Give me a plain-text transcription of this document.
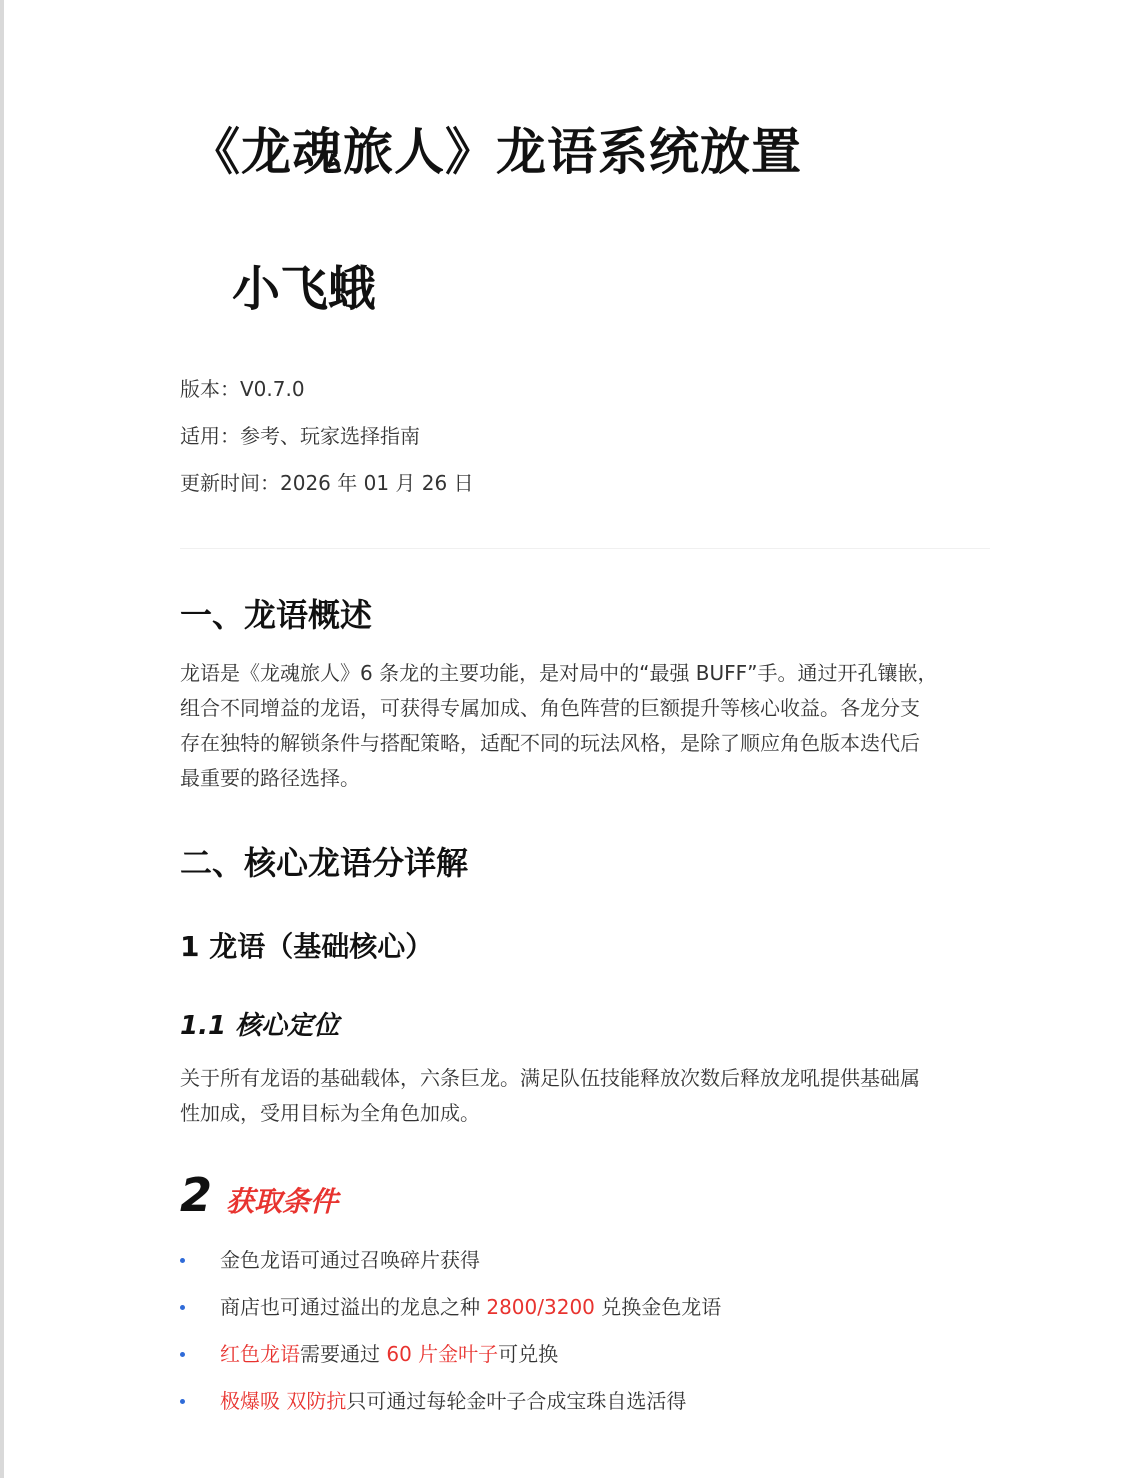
《龙魂旅人》龙语系统放置
小飞蛾
版本：V0.7.0
适用：参考、玩家选择指南
更新时间：2026 年 01 月 26 日
一、龙语概述
龙语是《龙魂旅人》6 条龙的主要功能，是对局中的“最强 BUFF”手。通过开孔镶嵌，
组合不同增益的龙语，可获得专属加成、角色阵营的巨额提升等核心收益。各龙分支
存在独特的解锁条件与搭配策略，适配不同的玩法风格，是除了顺应角色版本迭代后
最重要的路径选择。
二、核心龙语分详解
1 龙语（基础核心）
1.1 核心定位
关于所有龙语的基础载体，六条巨龙。满足队伍技能释放次数后释放龙吼提供基础属
性加成，受用目标为全角色加成。
2 获取条件
金色龙语可通过召唤碎片获得
商店也可通过溢出的龙息之种 2800/3200 兑换金色龙语
红色龙语需要通过 60 片金叶子可兑换
极爆吸 双防抗只可通过每轮金叶子合成宝珠自选活得
